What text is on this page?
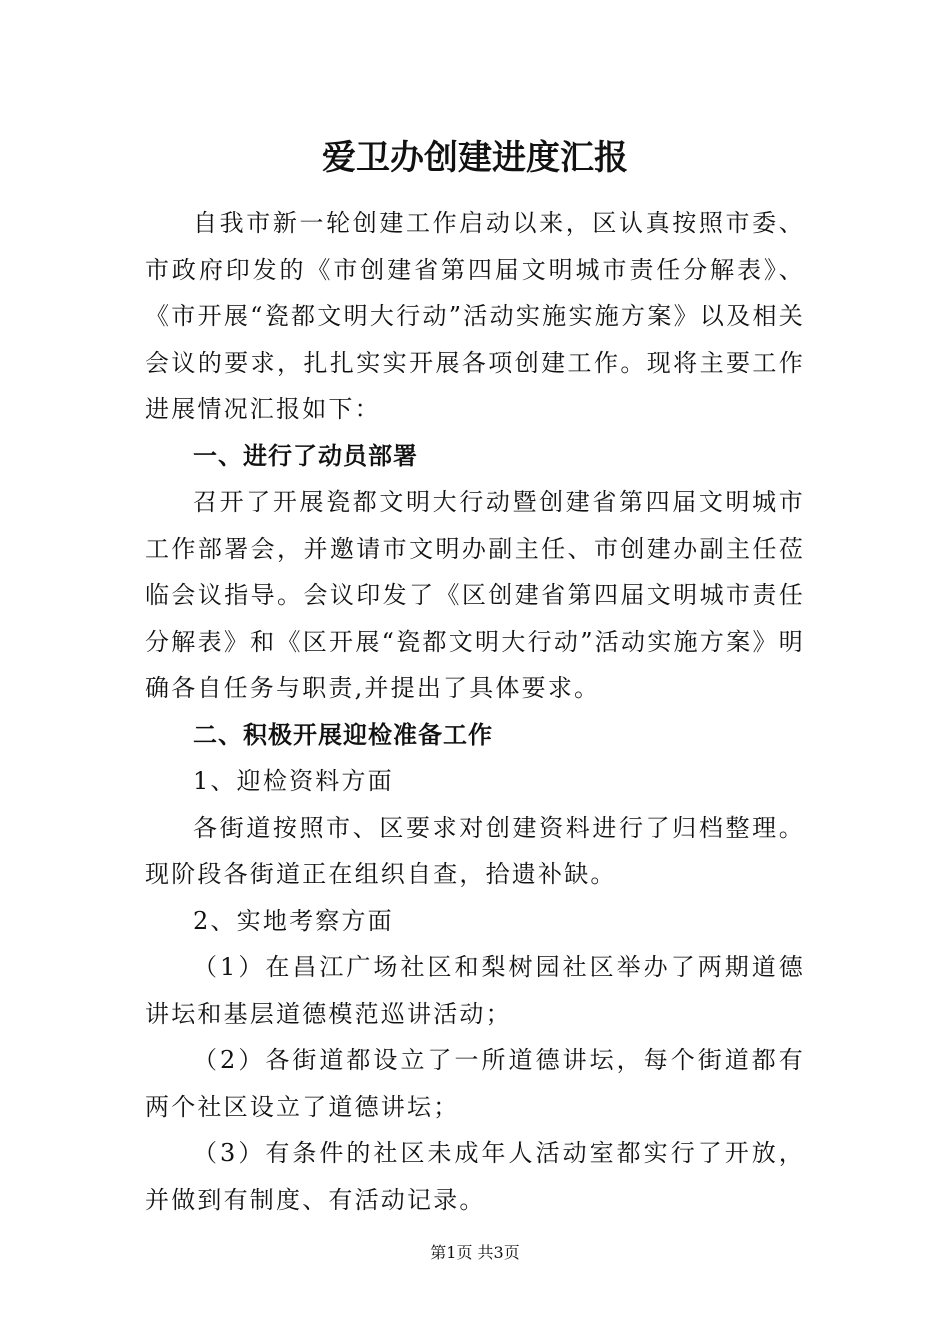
爱卫办创建进度汇报

自我市新一轮创建工作启动以来，区认真按照市委、市政府印发的《市创建省第四届文明城市责任分解表》、《市开展“瓷都文明大行动”活动实施实施方案》以及相关会议的要求，扎扎实实开展各项创建工作。现将主要工作进展情况汇报如下：

一、进行了动员部署

召开了开展瓷都文明大行动暨创建省第四届文明城市工作部署会，并邀请市文明办副主任、市创建办副主任莅临会议指导。会议印发了《区创建省第四届文明城市责任分解表》和《区开展“瓷都文明大行动”活动实施方案》明确各自任务与职责,并提出了具体要求。

二、积极开展迎检准备工作

1、迎检资料方面

各街道按照市、区要求对创建资料进行了归档整理。现阶段各街道正在组织自查，拾遗补缺。

2、实地考察方面

（1）在昌江广场社区和梨树园社区举办了两期道德讲坛和基层道德模范巡讲活动；

（2）各街道都设立了一所道德讲坛，每个街道都有两个社区设立了道德讲坛；

（3）有条件的社区未成年人活动室都实行了开放，并做到有制度、有活动记录。

第1页 共3页
